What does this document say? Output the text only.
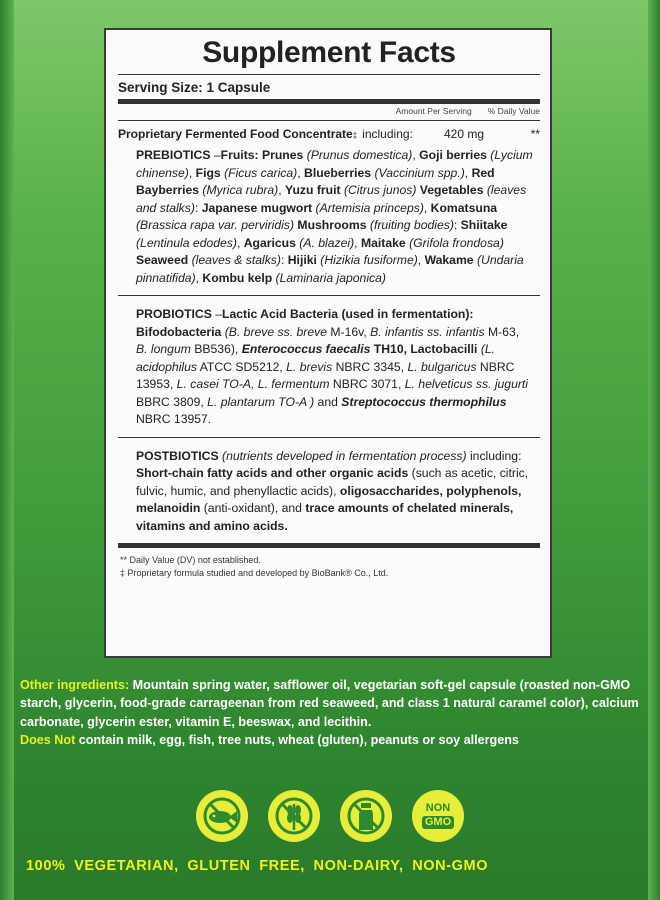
Supplement Facts
Serving Size: 1 Capsule
Amount Per Serving % Daily Value
Proprietary Fermented Food Concentrate ‡ including:	420 mg	**
PREBIOTICS –Fruits: Prunes (Prunus domestica), Goji berries (Lycium chinense), Figs (Ficus carica), Blueberries (Vaccinium spp.), Red Bayberries (Myrica rubra), Yuzu fruit (Citrus junos) Vegetables (leaves and stalks): Japanese mugwort (Artemisia princeps), Komatsuna (Brassica rapa var. perviridis) Mushrooms (fruiting bodies): Shiitake (Lentinula edodes), Agaricus (A. blazei), Maitake (Grifola frondosa) Seaweed (leaves & stalks): Hijiki (Hizikia fusiforme), Wakame (Undaria pinnatifida), Kombu kelp (Laminaria japonica)
PROBIOTICS –Lactic Acid Bacteria (used in fermentation): Bifodobacteria (B. breve ss. breve M-16v, B. infantis ss. infantis M-63, B. longum BB536), Enterococcus faecalis TH10, Lactobacilli (L. acidophilus ATCC SD5212, L. brevis NBRC 3345, L. bulgaricus NBRC 13953, L. casei TO-A, L. fermentum NBRC 3071, L. helveticus ss. jugurti BBRC 3809, L. plantarum TO-A ) and Streptococcus thermophilus NBRC 13957.
POSTBIOTICS (nutrients developed in fermentation process) including: Short-chain fatty acids and other organic acids (such as acetic, citric, fulvic, humic, and phenyllactic acids), oligosaccharides, polyphenols, melanoidin (anti-oxidant), and trace amounts of chelated minerals, vitamins and amino acids.
** Daily Value (DV) not established.
‡ Proprietary formula studied and developed by BioBank® Co., Ltd.
Other ingredients: Mountain spring water, safflower oil, vegetarian soft-gel capsule (roasted non-GMO starch, glycerin, food-grade carrageenan from red seaweed, and class 1 natural caramel color), calcium carbonate, glycerin ester, vitamin E, beeswax, and lecithin.
Does Not contain milk, egg, fish, tree nuts, wheat (gluten), peanuts or soy allergens
NON
GMO
100% VEGETARIAN, GLUTEN FREE, NON-DAIRY, NON-GMO
